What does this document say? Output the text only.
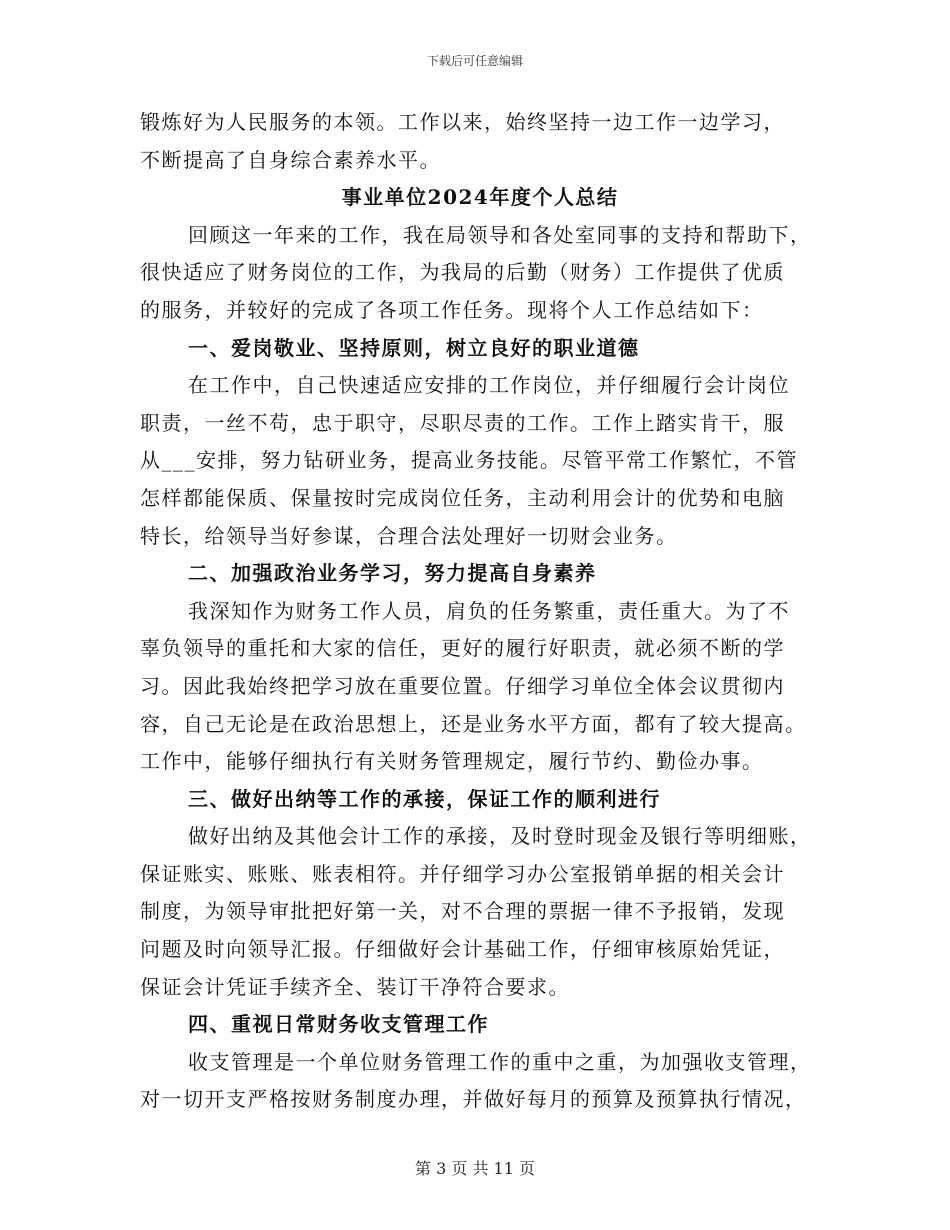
下载后可任意编辑
锻炼好为人民服务的本领。工作以来，始终坚持一边工作一边学习，
不断提高了自身综合素养水平。
事业单位2024年度个人总结
回顾这一年来的工作，我在局领导和各处室同事的支持和帮助下，
很快适应了财务岗位的工作，为我局的后勤（财务）工作提供了优质
的服务，并较好的完成了各项工作任务。现将个人工作总结如下：
一、爱岗敬业、坚持原则，树立良好的职业道德
在工作中，自己快速适应安排的工作岗位，并仔细履行会计岗位
职责，一丝不苟，忠于职守，尽职尽责的工作。工作上踏实肯干，服
从___安排，努力钻研业务，提高业务技能。尽管平常工作繁忙，不管
怎样都能保质、保量按时完成岗位任务，主动利用会计的优势和电脑
特长，给领导当好参谋，合理合法处理好一切财会业务。
二、加强政治业务学习，努力提高自身素养
我深知作为财务工作人员，肩负的任务繁重，责任重大。为了不
辜负领导的重托和大家的信任，更好的履行好职责，就必须不断的学
习。因此我始终把学习放在重要位置。仔细学习单位全体会议贯彻内
容，自己无论是在政治思想上，还是业务水平方面，都有了较大提高。
工作中，能够仔细执行有关财务管理规定，履行节约、勤俭办事。
三、做好出纳等工作的承接，保证工作的顺利进行
做好出纳及其他会计工作的承接，及时登时现金及银行等明细账，
保证账实、账账、账表相符。并仔细学习办公室报销单据的相关会计
制度，为领导审批把好第一关，对不合理的票据一律不予报销，发现
问题及时向领导汇报。仔细做好会计基础工作，仔细审核原始凭证，
保证会计凭证手续齐全、装订干净符合要求。
四、重视日常财务收支管理工作
收支管理是一个单位财务管理工作的重中之重，为加强收支管理，
对一切开支严格按财务制度办理，并做好每月的预算及预算执行情况，
第 3 页 共 11 页
